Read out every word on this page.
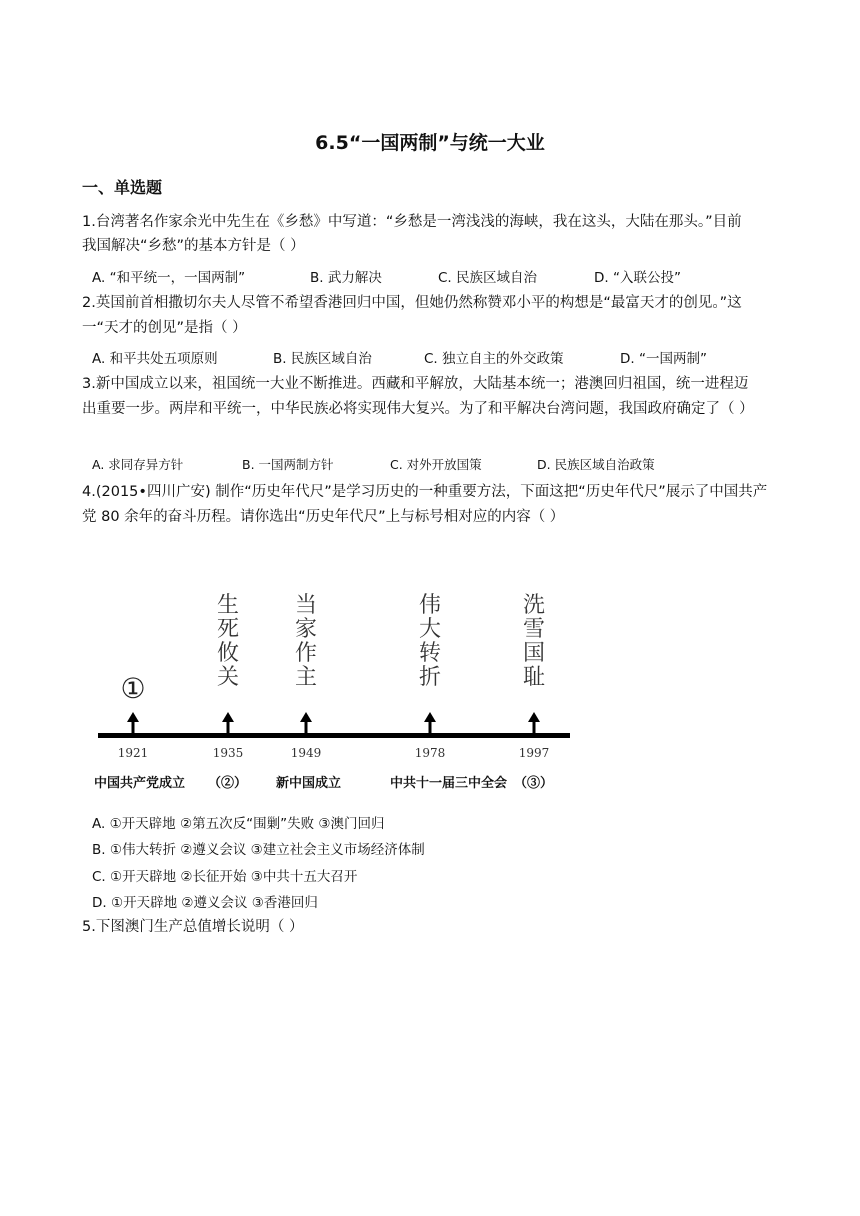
6.5“一国两制”与统一大业
一、单选题
1.台湾著名作家余光中先生在《乡愁》中写道：“乡愁是一湾浅浅的海峡，我在这头，大陆在那头。”目前
我国解决“乡愁”的基本方针是（ ）
A. “和平统一，一国两制”	B. 武力解决	C. 民族区域自治	D. “入联公投”
2.英国前首相撒切尔夫人尽管不希望香港回归中国，但她仍然称赞邓小平的构想是“最富天才的创见。”这
一“天才的创见”是指（ ）
A. 和平共处五项原则	B. 民族区域自治	C. 独立自主的外交政策	D. “一国两制”
3.新中国成立以来，祖国统一大业不断推进。西藏和平解放，大陆基本统一；港澳回归祖国，统一进程迈
出重要一步。两岸和平统一，中华民族必将实现伟大复兴。为了和平解决台湾问题，我国政府确定了（ ）
A. 求同存异方针	B. 一国两制方针	C. 对外开放国策	D. 民族区域自治政策
4.(2015•四川广安) 制作“历史年代尺”是学习历史的一种重要方法，下面这把“历史年代尺”展示了中国共产
党 80 余年的奋斗历程。请你选出“历史年代尺”上与标号相对应的内容（ ）
①
生
死
攸
关
当
家
作
主
伟
大
转
折
洗
雪
国
耻
1921	1935	1949	1978	1997
中国共产党成立 （②） 新中国成立	中共十一届三中全会 （③）
A. ①开天辟地 ②第五次反“围剿”失败 ③澳门回归
B. ①伟大转折 ②遵义会议 ③建立社会主义市场经济体制
C. ①开天辟地 ②长征开始 ③中共十五大召开
D. ①开天辟地 ②遵义会议 ③香港回归
5.下图澳门生产总值增长说明（ ）
